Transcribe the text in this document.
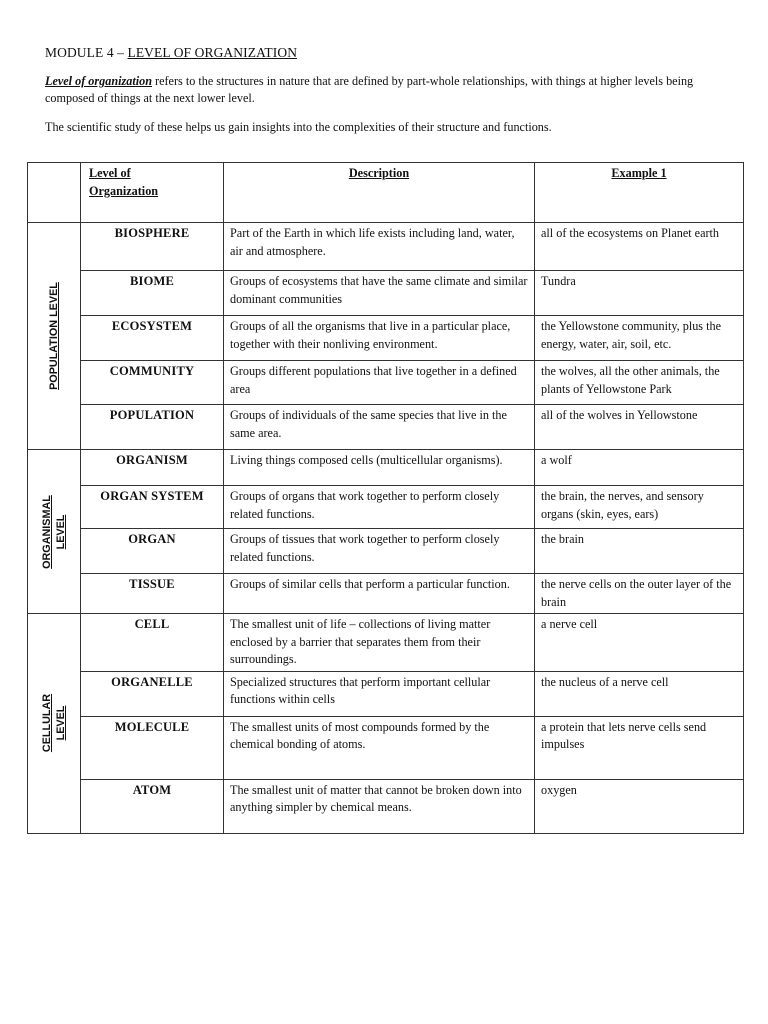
MODULE 4 – LEVEL OF ORGANIZATION
Level of organization refers to the structures in nature that are defined by part-whole relationships, with things at higher levels being composed of things at the next lower level.
The scientific study of these helps us gain insights into the complexities of their structure and functions.
	Level of
Organization	Description	Example 1

POPULATION LEVEL	BIOSPHERE	Part of the Earth in which life exists including land, water, air and atmosphere.	all of the ecosystems on Planet earth
	BIOME	Groups of ecosystems that have the same climate and similar dominant communities	Tundra
	ECOSYSTEM	Groups of all the organisms that live in a particular place, together with their nonliving environment.	the Yellowstone community, plus the energy, water, air, soil, etc.
	COMMUNITY	Groups different populations that live together in a defined area	the wolves, all the other animals, the plants of Yellowstone Park
	POPULATION	Groups of individuals of the same species that live in the same area.	all of the wolves in Yellowstone

ORGANISMAL LEVEL	ORGANISM	Living things composed cells (multicellular organisms).	a wolf
	ORGAN SYSTEM	Groups of organs that work together to perform closely related functions.	the brain, the nerves, and sensory organs (skin, eyes, ears)
	ORGAN	Groups of tissues that work together to perform closely related functions.	the brain
	TISSUE	Groups of similar cells that perform a particular function.	the nerve cells on the outer layer of the brain

CELLULAR LEVEL	CELL	The smallest unit of life – collections of living matter enclosed by a barrier that separates them from their surroundings.	a nerve cell
	ORGANELLE	Specialized structures that perform important cellular functions within cells	the nucleus of a nerve cell
	MOLECULE	The smallest units of most compounds formed by the chemical bonding of atoms.	a protein that lets nerve cells send impulses
	ATOM	The smallest unit of matter that cannot be broken down into anything simpler by chemical means.	oxygen
